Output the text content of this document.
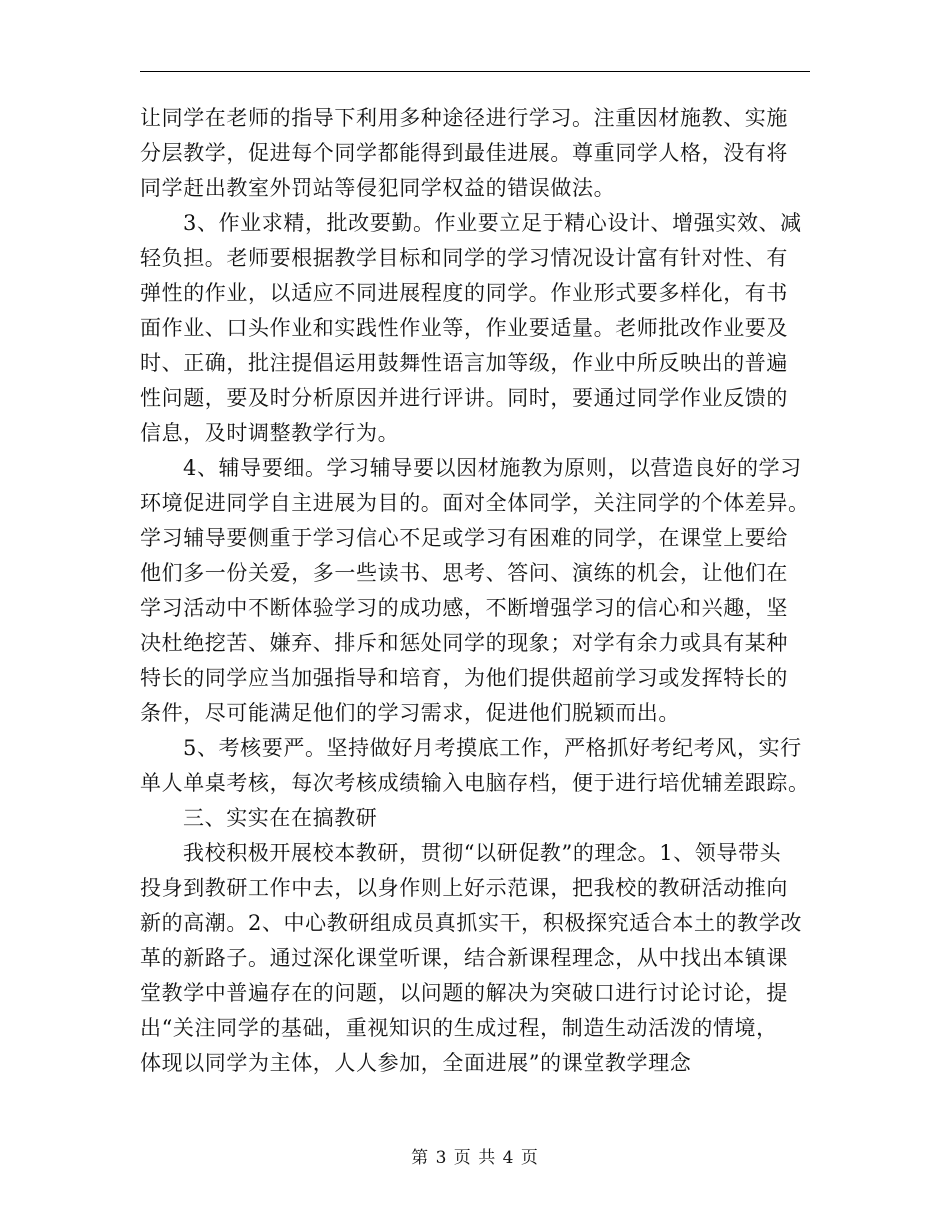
让同学在老师的指导下利用多种途径进行学习。注重因材施教、实施
分层教学，促进每个同学都能得到最佳进展。尊重同学人格，没有将
同学赶出教室外罚站等侵犯同学权益的错误做法。
3、作业求精，批改要勤。作业要立足于精心设计、增强实效、减
轻负担。老师要根据教学目标和同学的学习情况设计富有针对性、有
弹性的作业，以适应不同进展程度的同学。作业形式要多样化，有书
面作业、口头作业和实践性作业等，作业要适量。老师批改作业要及
时、正确，批注提倡运用鼓舞性语言加等级，作业中所反映出的普遍
性问题，要及时分析原因并进行评讲。同时，要通过同学作业反馈的
信息，及时调整教学行为。
4、辅导要细。学习辅导要以因材施教为原则，以营造良好的学习
环境促进同学自主进展为目的。面对全体同学，关注同学的个体差异。
学习辅导要侧重于学习信心不足或学习有困难的同学，在课堂上要给
他们多一份关爱，多一些读书、思考、答问、演练的机会，让他们在
学习活动中不断体验学习的成功感，不断增强学习的信心和兴趣，坚
决杜绝挖苦、嫌弃、排斥和惩处同学的现象；对学有余力或具有某种
特长的同学应当加强指导和培育，为他们提供超前学习或发挥特长的
条件，尽可能满足他们的学习需求，促进他们脱颖而出。
5、考核要严。坚持做好月考摸底工作，严格抓好考纪考风，实行
单人单桌考核，每次考核成绩输入电脑存档，便于进行培优辅差跟踪。
三、实实在在搞教研
我校积极开展校本教研，贯彻“以研促教”的理念。1、领导带头
投身到教研工作中去，以身作则上好示范课，把我校的教研活动推向
新的高潮。2、中心教研组成员真抓实干，积极探究适合本土的教学改
革的新路子。通过深化课堂听课，结合新课程理念，从中找出本镇课
堂教学中普遍存在的问题，以问题的解决为突破口进行讨论讨论，提
出“关注同学的基础，重视知识的生成过程，制造生动活泼的情境，
体现以同学为主体，人人参加，全面进展”的课堂教学理念
第 3 页 共 4 页
